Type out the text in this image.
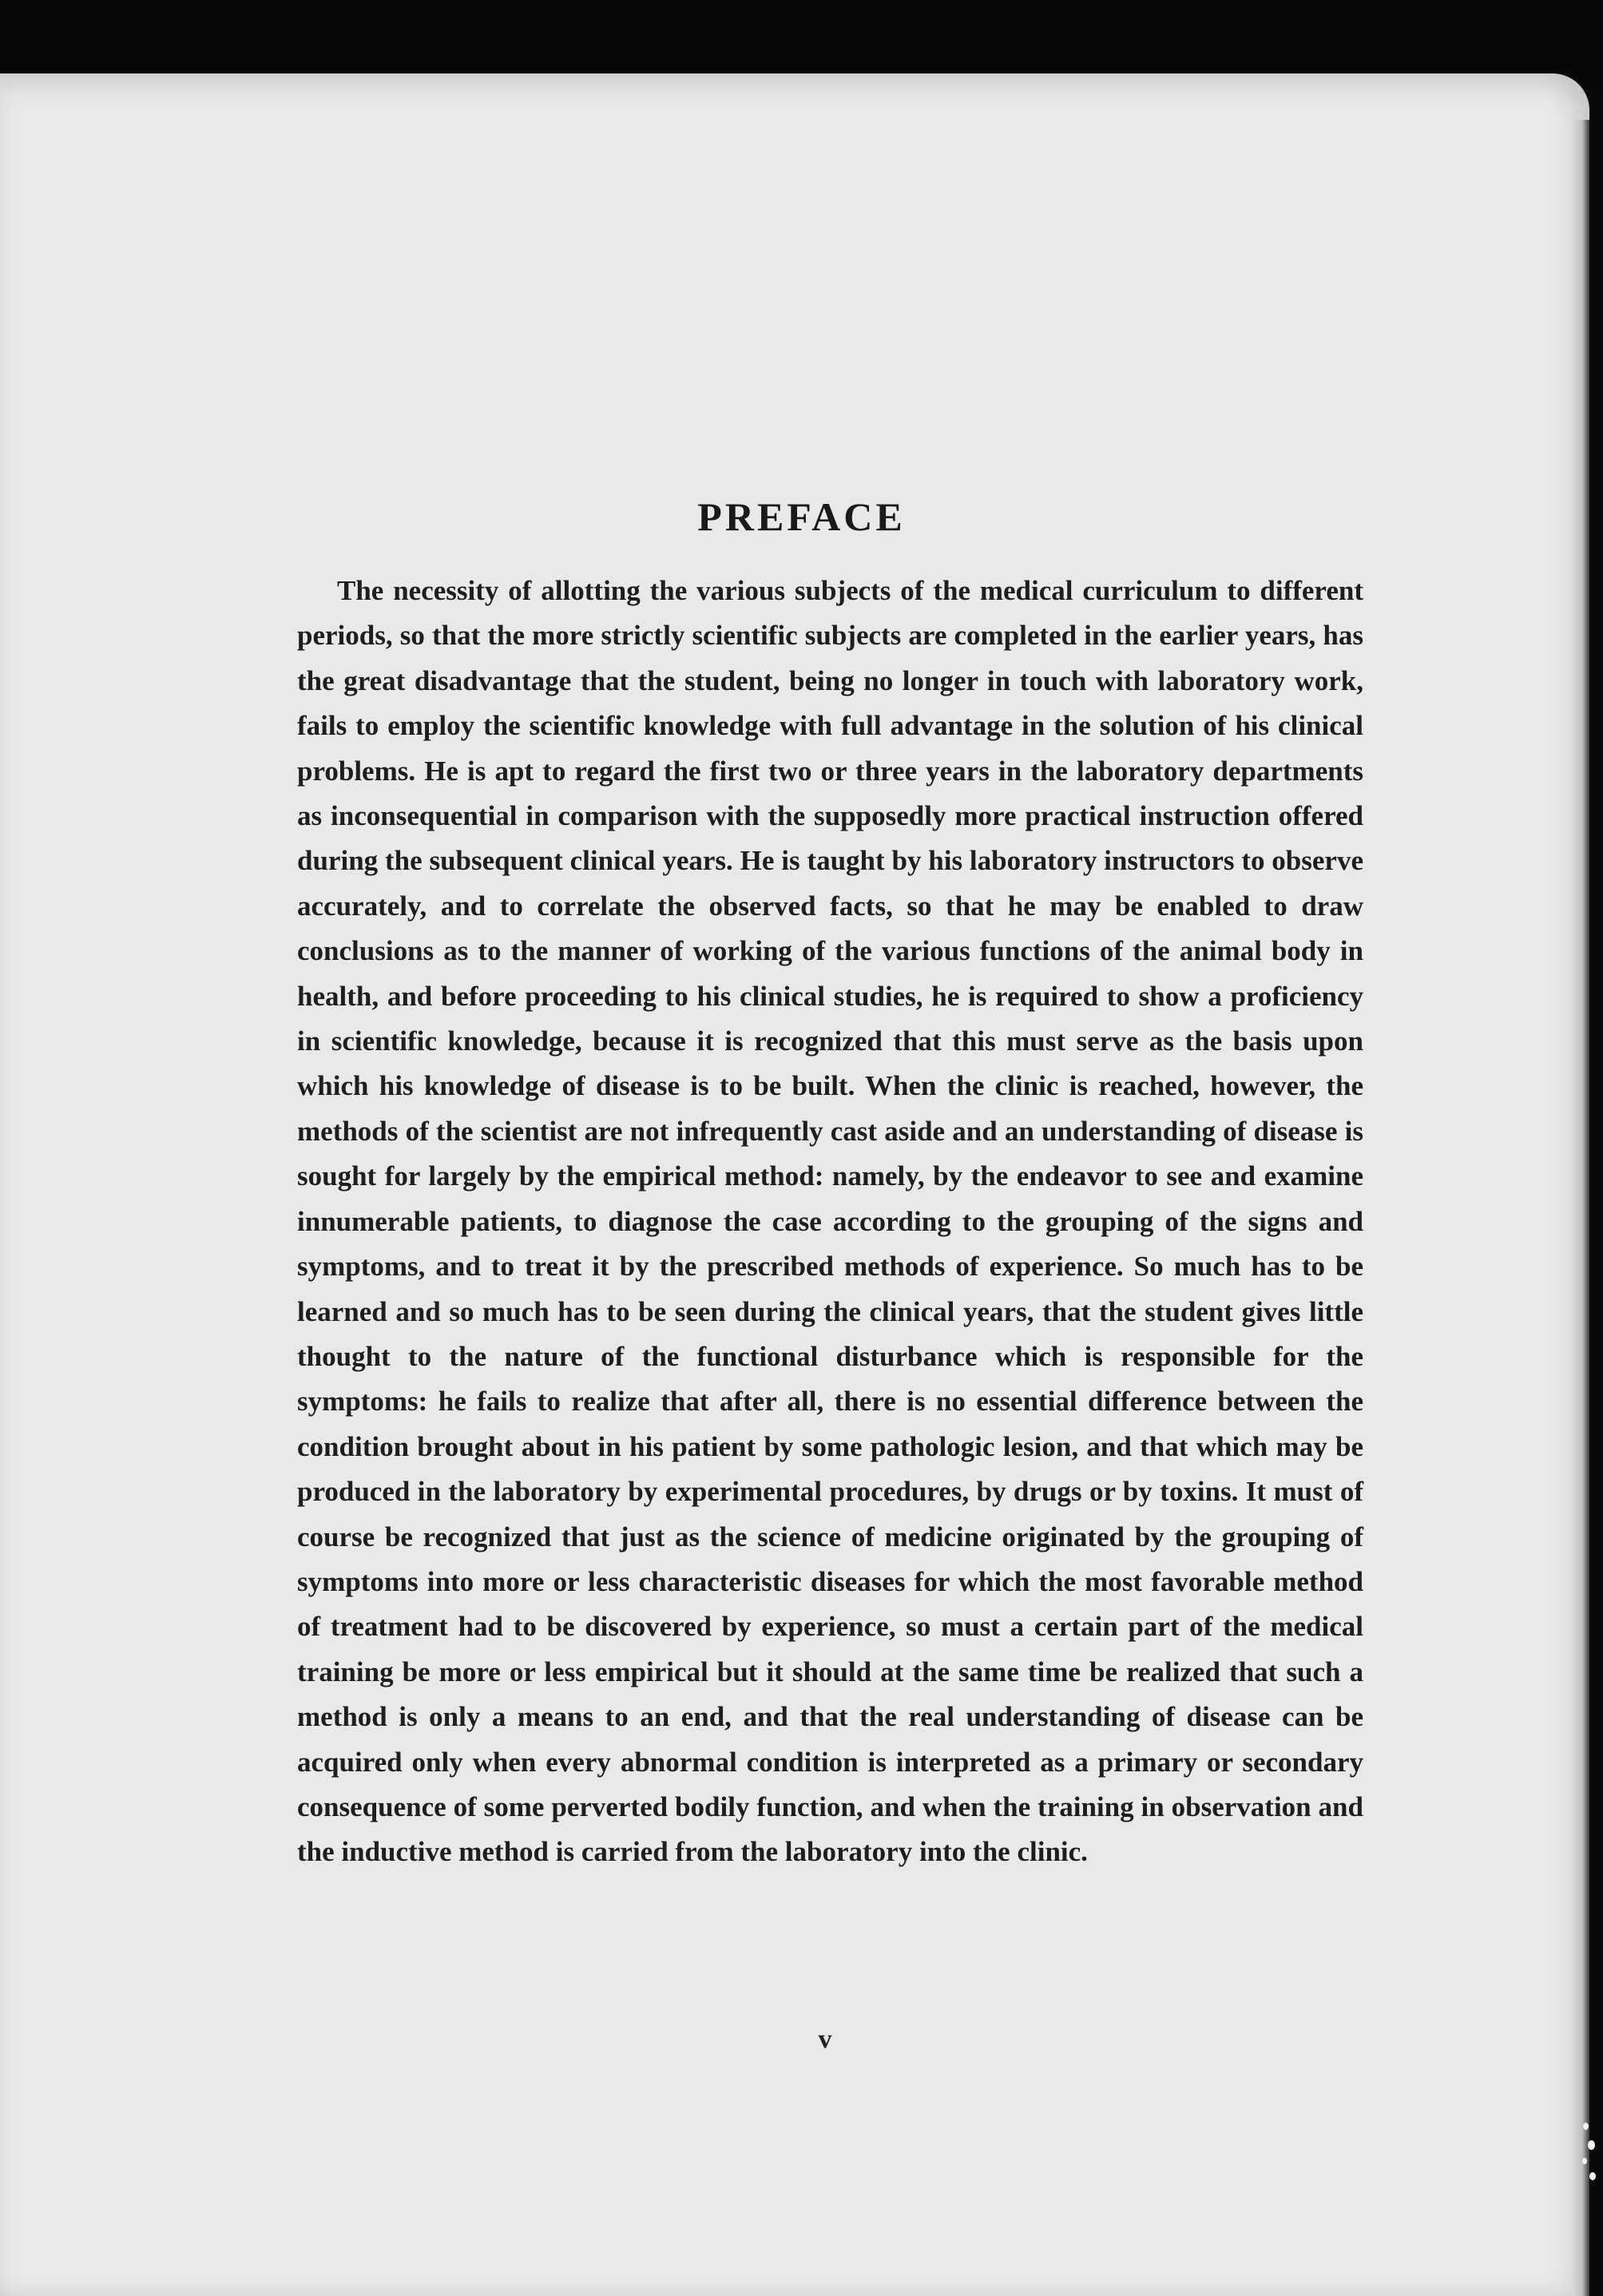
PREFACE

The necessity of allotting the various subjects of the medical curriculum to different periods, so that the more strictly scientific subjects are completed in the earlier years, has the great disadvantage that the student, being no longer in touch with laboratory work, fails to employ the scientific knowledge with full advantage in the solution of his clinical problems. He is apt to regard the first two or three years in the laboratory departments as inconsequential in comparison with the supposedly more practical instruction offered during the subsequent clinical years. He is taught by his laboratory instructors to observe accurately, and to correlate the observed facts, so that he may be enabled to draw conclusions as to the manner of working of the various functions of the animal body in health, and before proceeding to his clinical studies, he is required to show a proficiency in scientific knowledge, because it is recognized that this must serve as the basis upon which his knowledge of disease is to be built. When the clinic is reached, however, the methods of the scientist are not infrequently cast aside and an understanding of disease is sought for largely by the empirical method: namely, by the endeavor to see and examine innumerable patients, to diagnose the case according to the grouping of the signs and symptoms, and to treat it by the prescribed methods of experience. So much has to be learned and so much has to be seen during the clinical years, that the student gives little thought to the nature of the functional disturbance which is responsible for the symptoms: he fails to realize that after all, there is no essential difference between the condition brought about in his patient by some pathologic lesion, and that which may be produced in the laboratory by experimental procedures, by drugs or by toxins. It must of course be recognized that just as the science of medicine originated by the grouping of symptoms into more or less characteristic diseases for which the most favorable method of treatment had to be discovered by experience, so must a certain part of the medical training be more or less empirical but it should at the same time be realized that such a method is only a means to an end, and that the real understanding of disease can be acquired only when every abnormal condition is interpreted as a primary or secondary consequence of some perverted bodily function, and when the training in observation and the inductive method is carried from the laboratory into the clinic.

v
